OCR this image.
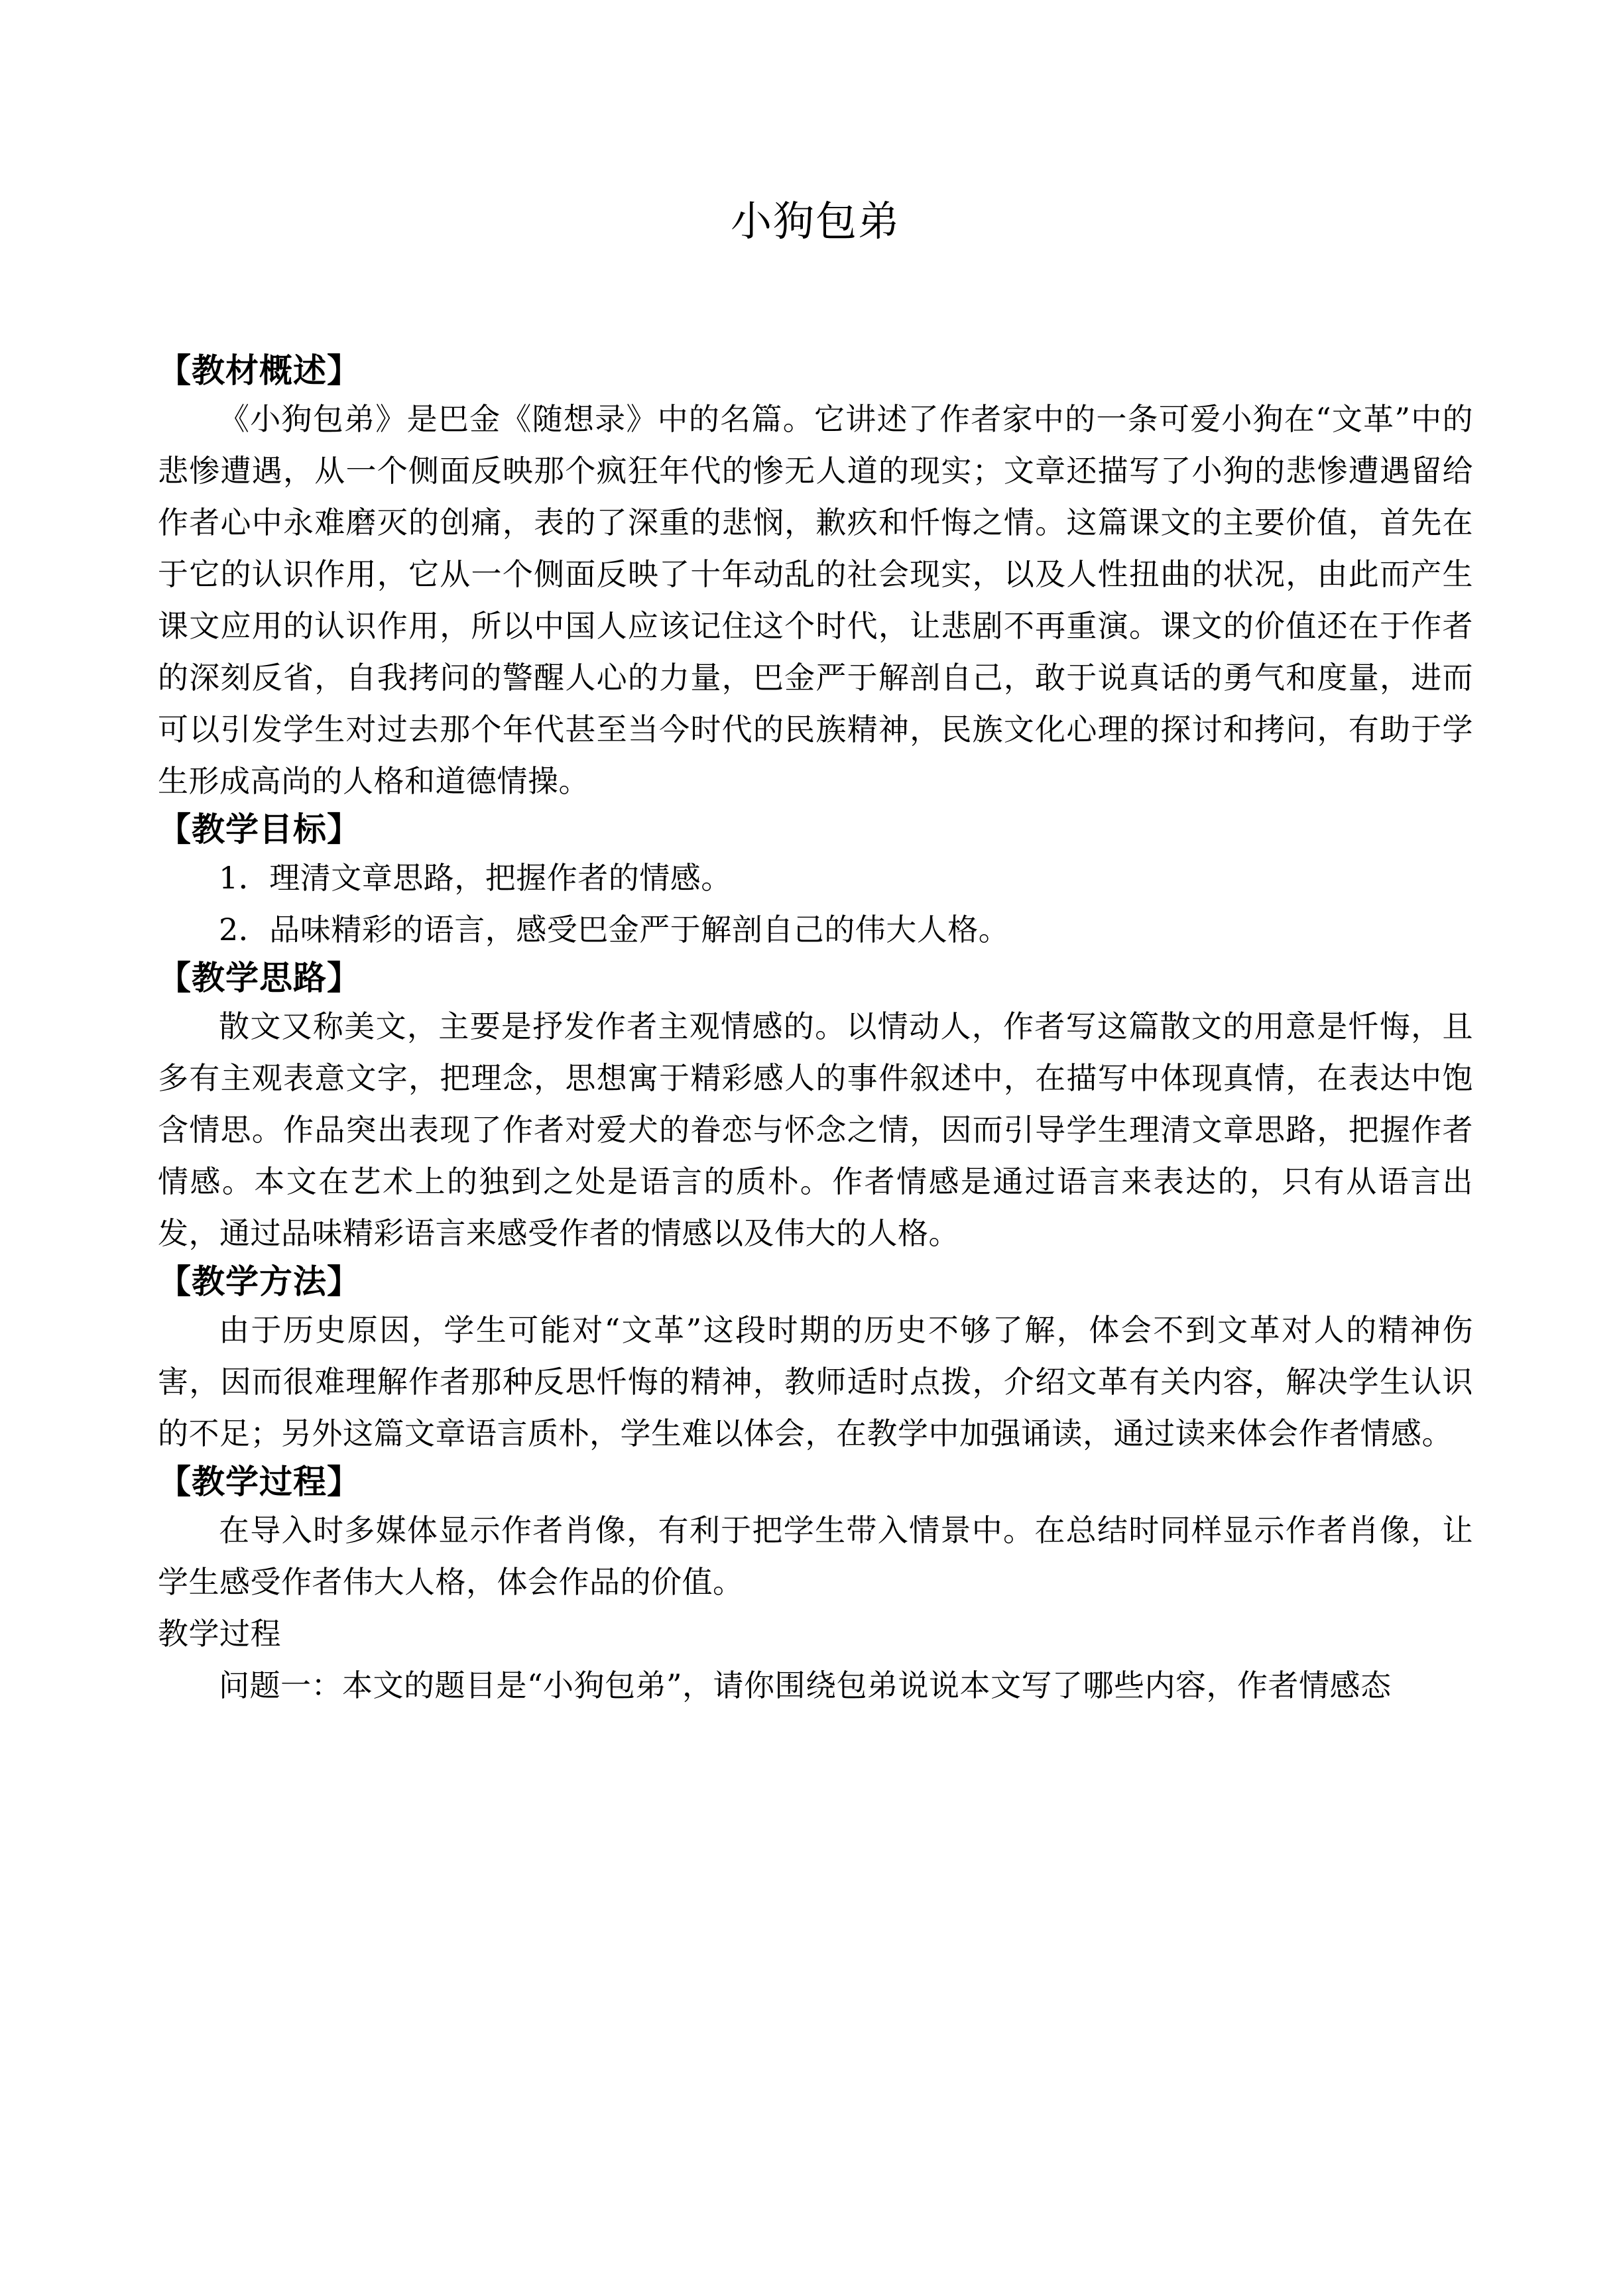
小狗包弟
【教材概述】

《小狗包弟》是巴金《随想录》中的名篇。它讲述了作者家中的一条可爱小狗在“文革”中的悲惨遭遇，从一个侧面反映那个疯狂年代的惨无人道的现实；文章还描写了小狗的悲惨遭遇留给作者心中永难磨灭的创痛，表的了深重的悲悯，歉疚和忏悔之情。这篇课文的主要价值，首先在于它的认识作用，它从一个侧面反映了十年动乱的社会现实，以及人性扭曲的状况，由此而产生课文应用的认识作用，所以中国人应该记住这个时代，让悲剧不再重演。课文的价值还在于作者的深刻反省，自我拷问的警醒人心的力量，巴金严于解剖自己，敢于说真话的勇气和度量，进而可以引发学生对过去那个年代甚至当今时代的民族精神，民族文化心理的探讨和拷问，有助于学生形成高尚的人格和道德情操。

【教学目标】

1．理清文章思路，把握作者的情感。

2．品味精彩的语言，感受巴金严于解剖自己的伟大人格。

【教学思路】

散文又称美文，主要是抒发作者主观情感的。以情动人，作者写这篇散文的用意是忏悔，且多有主观表意文字，把理念，思想寓于精彩感人的事件叙述中，在描写中体现真情，在表达中饱含情思。作品突出表现了作者对爱犬的眷恋与怀念之情，因而引导学生理清文章思路，把握作者情感。本文在艺术上的独到之处是语言的质朴。作者情感是通过语言来表达的，只有从语言出发，通过品味精彩语言来感受作者的情感以及伟大的人格。

【教学方法】

由于历史原因，学生可能对“文革”这段时期的历史不够了解，体会不到文革对人的精神伤害，因而很难理解作者那种反思忏悔的精神，教师适时点拨，介绍文革有关内容，解决学生认识的不足；另外这篇文章语言质朴，学生难以体会，在教学中加强诵读，通过读来体会作者情感。

【教学过程】

在导入时多媒体显示作者肖像，有利于把学生带入情景中。在总结时同样显示作者肖像，让学生感受作者伟大人格，体会作品的价值。

教学过程

问题一：本文的题目是“小狗包弟”，请你围绕包弟说说本文写了哪些内容，作者情感态
